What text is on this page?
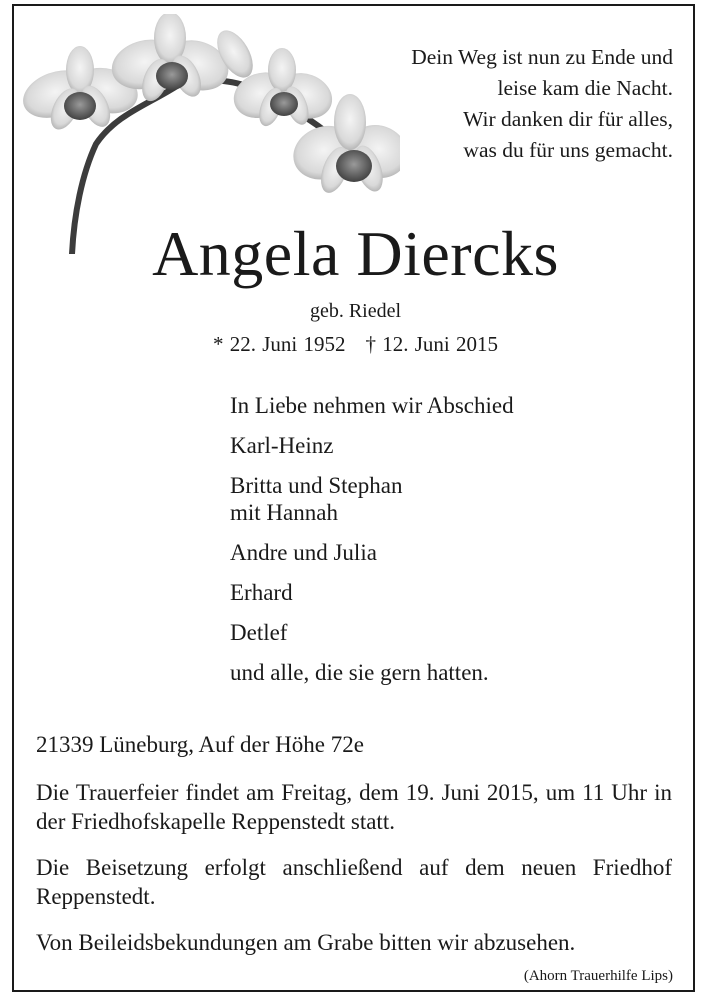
Dein Weg ist nun zu Ende und
leise kam die Nacht.
Wir danken dir für alles,
was du für uns gemacht.
Angela Diercks
geb. Riedel
* 22. Juni 1952 † 12. Juni 2015
In Liebe nehmen wir Abschied
Karl-Heinz
Britta und Stephan
mit Hannah
Andre und Julia
Erhard
Detlef
und alle, die sie gern hatten.
21339 Lüneburg, Auf der Höhe 72e
Die Trauerfeier findet am Freitag, dem 19. Juni 2015, um 11 Uhr in der Friedhofskapelle Reppenstedt statt.
Die Beisetzung erfolgt anschließend auf dem neuen Friedhof Reppenstedt.
Von Beileidsbekundungen am Grabe bitten wir abzusehen.
(Ahorn Trauerhilfe Lips)
